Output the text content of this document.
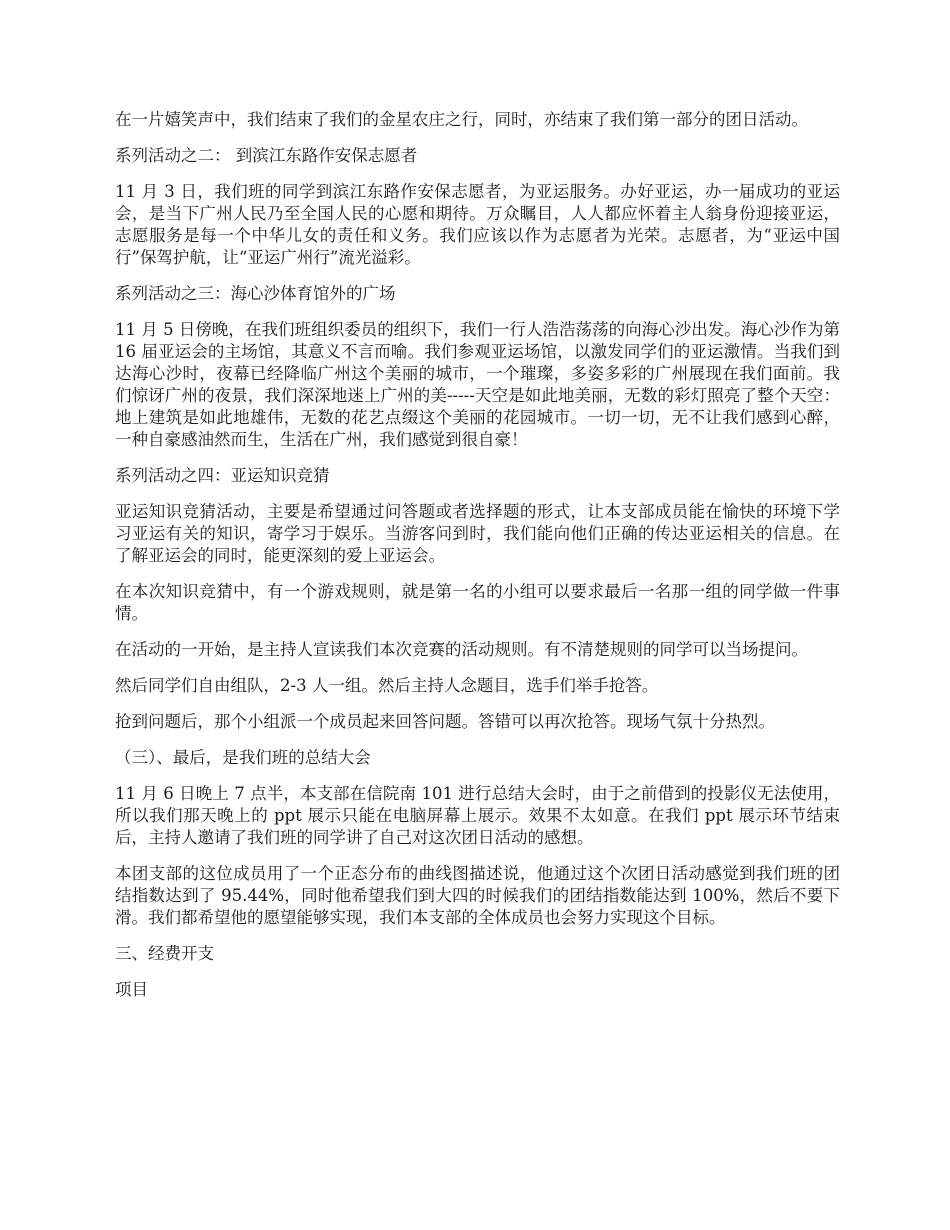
在一片嬉笑声中，我们结束了我们的金星农庄之行，同时，亦结束了我们第一部分的团日活动。

系列活动之二： 到滨江东路作安保志愿者

11 月 3 日，我们班的同学到滨江东路作安保志愿者，为亚运服务。办好亚运，办一届成功的亚运会，是当下广州人民乃至全国人民的心愿和期待。万众瞩目，人人都应怀着主人翁身份迎接亚运，志愿服务是每一个中华儿女的责任和义务。我们应该以作为志愿者为光荣。志愿者，为“亚运中国行”保驾护航，让“亚运广州行”流光溢彩。

系列活动之三：海心沙体育馆外的广场

11 月 5 日傍晚，在我们班组织委员的组织下，我们一行人浩浩荡荡的向海心沙出发。海心沙作为第 16 届亚运会的主场馆，其意义不言而喻。我们参观亚运场馆，以激发同学们的亚运激情。当我们到达海心沙时，夜幕已经降临广州这个美丽的城市，一个璀璨，多姿多彩的广州展现在我们面前。我们惊讶广州的夜景，我们深深地迷上广州的美-----天空是如此地美丽，无数的彩灯照亮了整个天空：地上建筑是如此地雄伟，无数的花艺点缀这个美丽的花园城市。一切一切，无不让我们感到心醉，一种自豪感油然而生，生活在广州，我们感觉到很自豪！

系列活动之四：亚运知识竞猜

亚运知识竞猜活动，主要是希望通过问答题或者选择题的形式，让本支部成员能在愉快的环境下学习亚运有关的知识，寄学习于娱乐。当游客问到时，我们能向他们正确的传达亚运相关的信息。在了解亚运会的同时，能更深刻的爱上亚运会。

在本次知识竞猜中，有一个游戏规则，就是第一名的小组可以要求最后一名那一组的同学做一件事情。

在活动的一开始，是主持人宣读我们本次竞赛的活动规则。有不清楚规则的同学可以当场提问。

然后同学们自由组队，2-3 人一组。然后主持人念题目，选手们举手抢答。

抢到问题后，那个小组派一个成员起来回答问题。答错可以再次抢答。现场气氛十分热烈。

（三）、最后，是我们班的总结大会

11 月 6 日晚上 7 点半，本支部在信院南 101 进行总结大会时，由于之前借到的投影仪无法使用，所以我们那天晚上的 ppt 展示只能在电脑屏幕上展示。效果不太如意。在我们 ppt 展示环节结束后，主持人邀请了我们班的同学讲了自己对这次团日活动的感想。

本团支部的这位成员用了一个正态分布的曲线图描述说，他通过这个次团日活动感觉到我们班的团结指数达到了 95.44%，同时他希望我们到大四的时候我们的团结指数能达到 100%，然后不要下滑。我们都希望他的愿望能够实现，我们本支部的全体成员也会努力实现这个目标。

三、经费开支

项目
